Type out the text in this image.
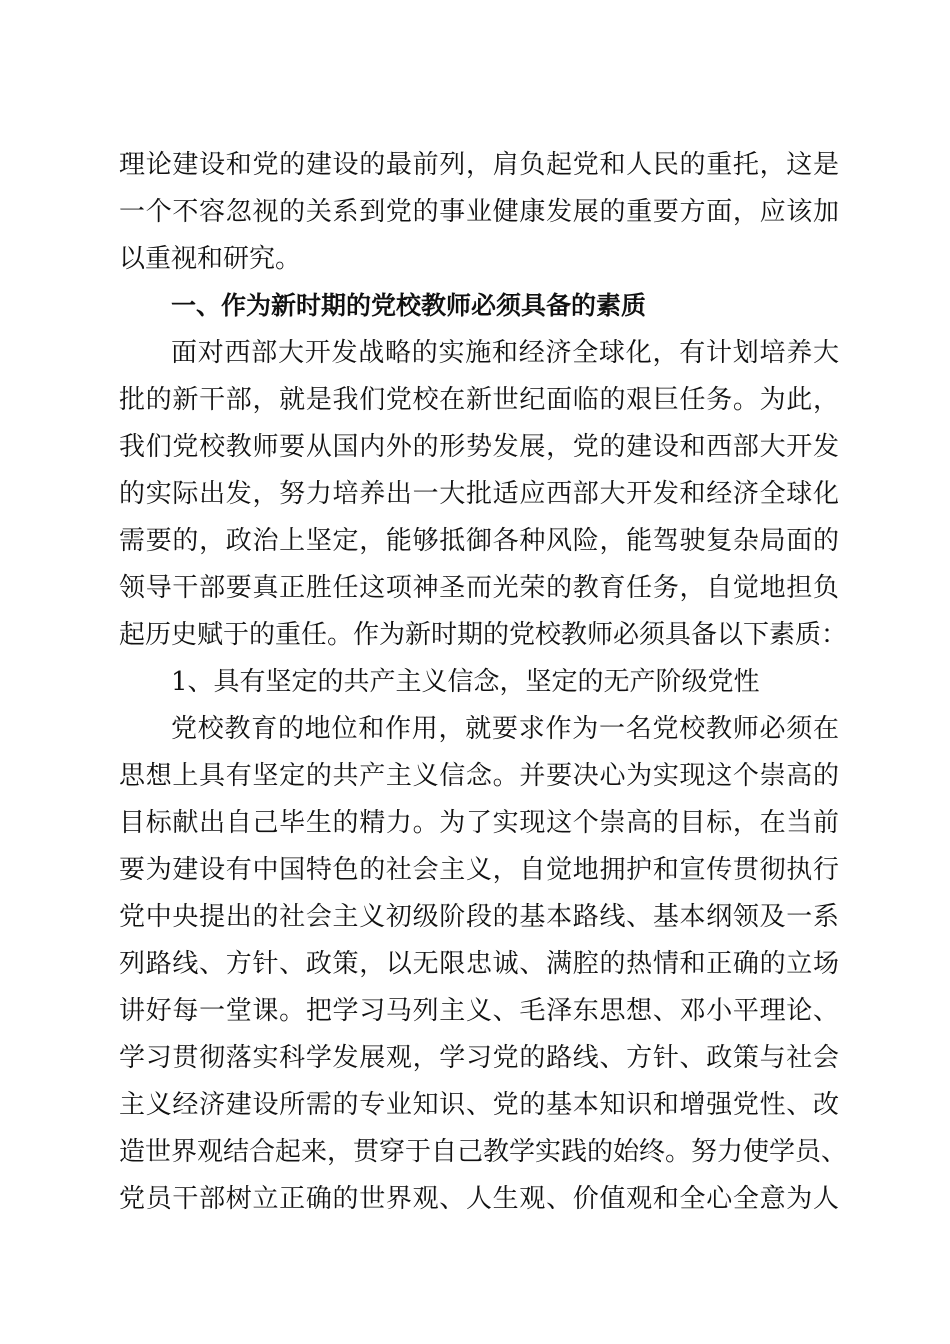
理论建设和党的建设的最前列，肩负起党和人民的重托，这是
一个不容忽视的关系到党的事业健康发展的重要方面，应该加
以重视和研究。
一、作为新时期的党校教师必须具备的素质
面对西部大开发战略的实施和经济全球化，有计划培养大
批的新干部，就是我们党校在新世纪面临的艰巨任务。为此，
我们党校教师要从国内外的形势发展，党的建设和西部大开发
的实际出发，努力培养出一大批适应西部大开发和经济全球化
需要的，政治上坚定，能够抵御各种风险，能驾驶复杂局面的
领导干部要真正胜任这项神圣而光荣的教育任务，自觉地担负
起历史赋于的重任。作为新时期的党校教师必须具备以下素质：
1、具有坚定的共产主义信念，坚定的无产阶级党性
党校教育的地位和作用，就要求作为一名党校教师必须在
思想上具有坚定的共产主义信念。并要决心为实现这个崇高的
目标献出自己毕生的精力。为了实现这个崇高的目标，在当前
要为建设有中国特色的社会主义，自觉地拥护和宣传贯彻执行
党中央提出的社会主义初级阶段的基本路线、基本纲领及一系
列路线、方针、政策，以无限忠诚、满腔的热情和正确的立场
讲好每一堂课。把学习马列主义、毛泽东思想、邓小平理论、
学习贯彻落实科学发展观，学习党的路线、方针、政策与社会
主义经济建设所需的专业知识、党的基本知识和增强党性、改
造世界观结合起来，贯穿于自己教学实践的始终。努力使学员、
党员干部树立正确的世界观、人生观、价值观和全心全意为人
